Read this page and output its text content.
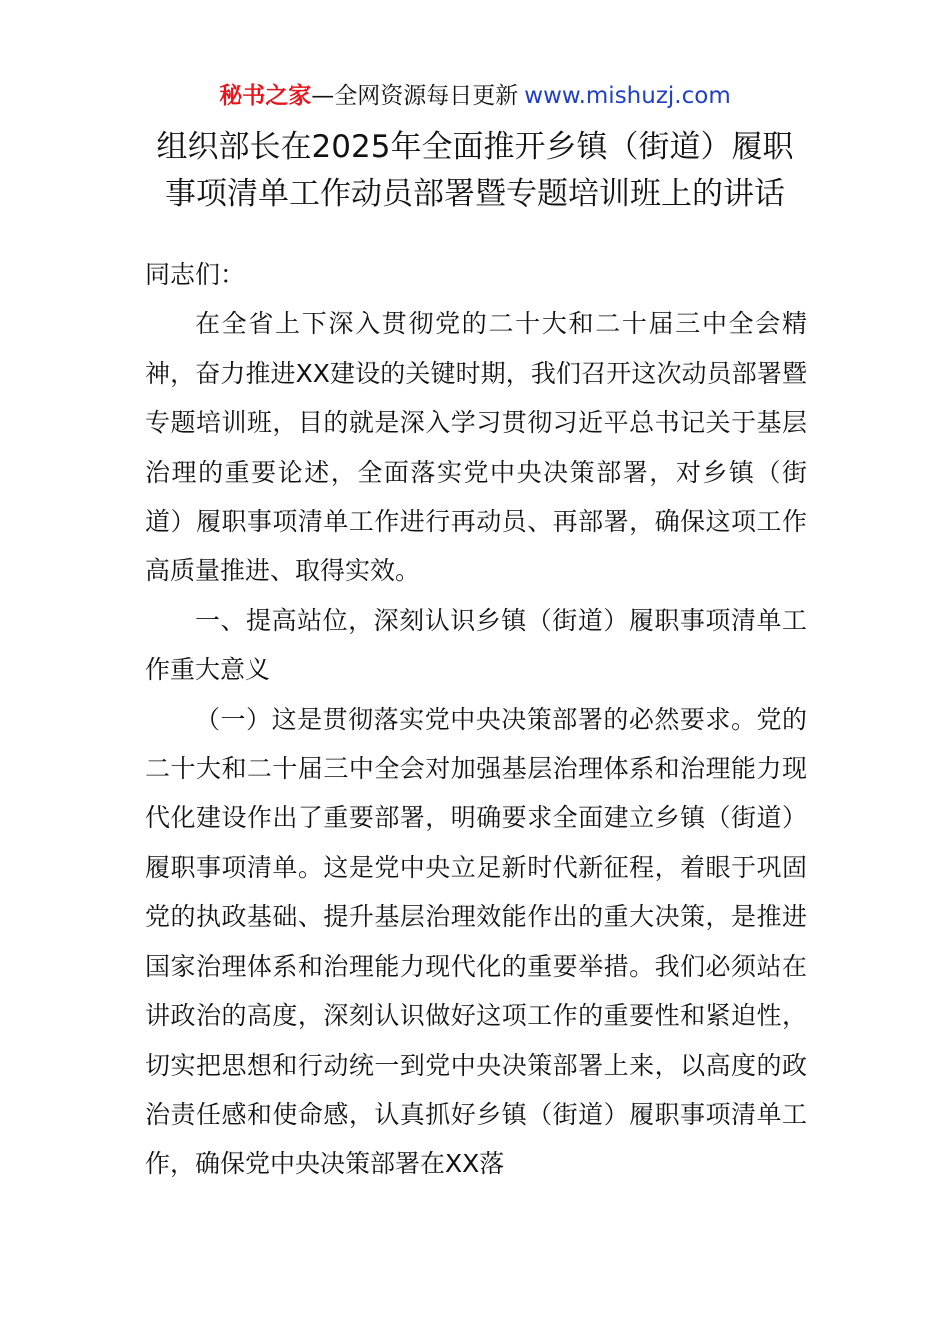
秘书之家—全网资源每日更新 www.mishuzj.com
组织部长在2025年全面推开乡镇（街道）履职
事项清单工作动员部署暨专题培训班上的讲话

同志们：

在全省上下深入贯彻党的二十大和二十届三中全会精神，奋力推进XX建设的关键时期，我们召开这次动员部署暨专题培训班，目的就是深入学习贯彻习近平总书记关于基层治理的重要论述，全面落实党中央决策部署，对乡镇（街道）履职事项清单工作进行再动员、再部署，确保这项工作高质量推进、取得实效。

一、提高站位，深刻认识乡镇（街道）履职事项清单工作重大意义

（一）这是贯彻落实党中央决策部署的必然要求。党的二十大和二十届三中全会对加强基层治理体系和治理能力现代化建设作出了重要部署，明确要求全面建立乡镇（街道）履职事项清单。这是党中央立足新时代新征程，着眼于巩固党的执政基础、提升基层治理效能作出的重大决策，是推进国家治理体系和治理能力现代化的重要举措。我们必须站在讲政治的高度，深刻认识做好这项工作的重要性和紧迫性，切实把思想和行动统一到党中央决策部署上来，以高度的政治责任感和使命感，认真抓好乡镇（街道）履职事项清单工作，确保党中央决策部署在XX落
